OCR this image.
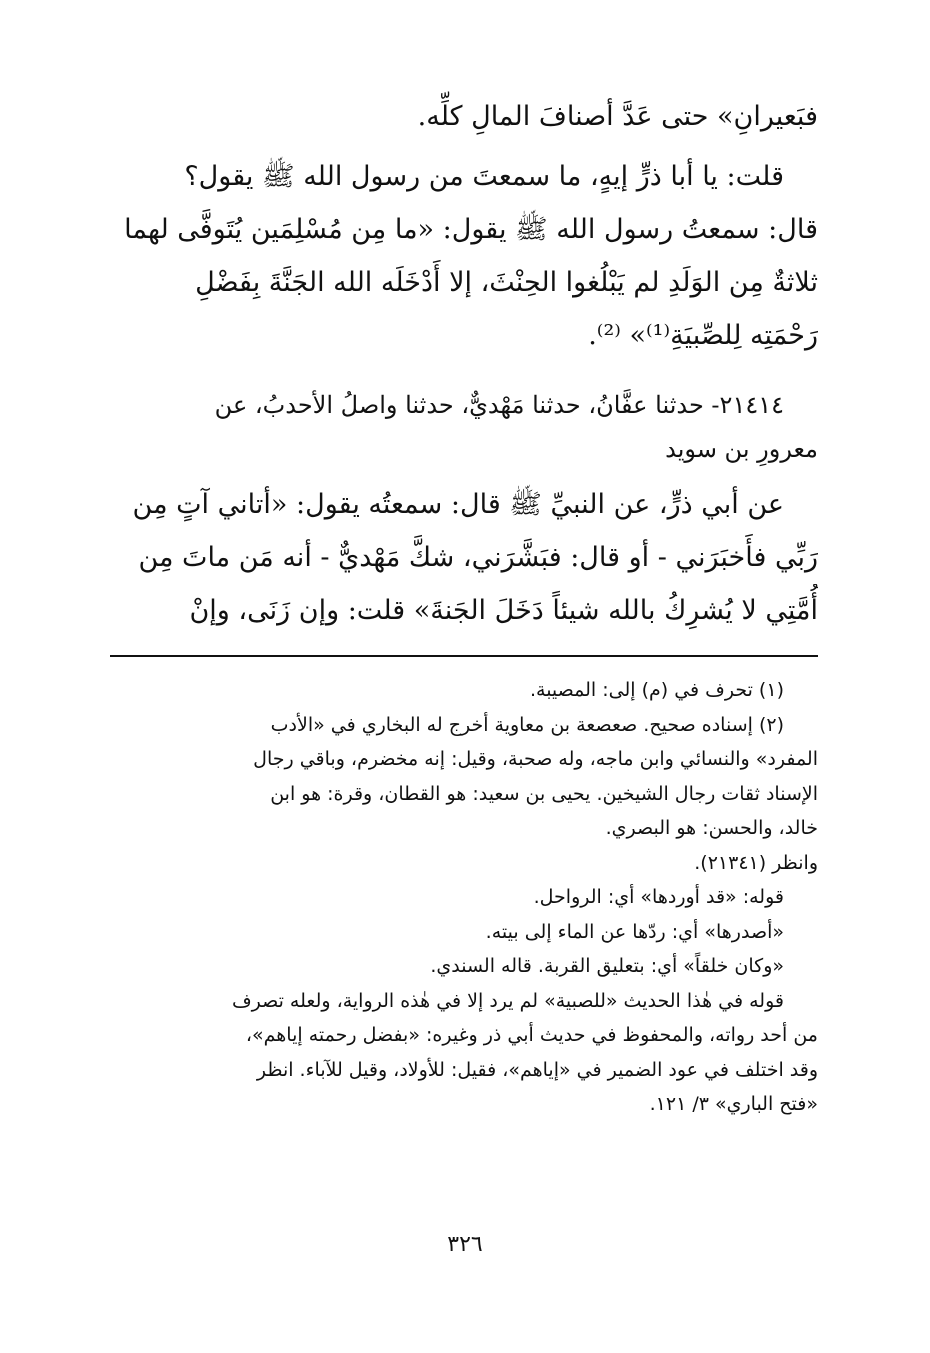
فبَعيرانِ» حتى عَدَّ أصنافَ المالِ كلِّه.
قلت: يا أبا ذرٍّ إيهٍ، ما سمعتَ من رسول الله ﷺ يقول؟
قال: سمعتُ رسول الله ﷺ يقول: «ما مِن مُسْلِمَين يُتَوفَّى لهما
ثلاثةٌ مِن الوَلَدِ لم يَبْلُغوا الحِنْثَ، إلا أَدْخَلَه الله الجَنَّةَ بِفَضْلِ
رَحْمَتِه لِلصِّبيَةِ⁽¹⁾» ⁽²⁾.
٢١٤١٤- حدثنا عفَّانُ، حدثنا مَهْديٌّ، حدثنا واصلُ الأحدبُ، عن
معرورِ بن سويد
عن أبي ذرٍّ، عن النبيِّ ﷺ قال: سمعتُه يقول: «أتاني آتٍ مِن
رَبِّي فأَخبَرَني - أو قال: فبَشَّرَني، شكَّ مَهْديٌّ - أنه مَن ماتَ مِن
أُمَّتِي لا يُشرِكُ بالله شيئاً دَخَلَ الجَنةَ» قلت: وإن زَنَى، وإنْ
(١) تحرف في (م) إلى: المصيبة.
(٢) إسناده صحيح. صعصعة بن معاوية أخرج له البخاري في «الأدب
المفرد» والنسائي وابن ماجه، وله صحبة، وقيل: إنه مخضرم، وباقي رجال
الإسناد ثقات رجال الشيخين. يحيى بن سعيد: هو القطان، وقرة: هو ابن
خالد، والحسن: هو البصري.
وانظر (٢١٣٤١).
قوله: «قد أوردها» أي: الرواحل.
«أصدرها» أي: ردّها عن الماء إلى بيته.
«وكان خلقاً» أي: بتعليق القربة. قاله السندي.
قوله في هٰذا الحديث «للصبية» لم يرد إلا في هٰذه الرواية، ولعله تصرف
من أحد رواته، والمحفوظ في حديث أبي ذر وغيره: «بفضل رحمته إياهم»،
وقد اختلف في عود الضمير في «إياهم»، فقيل: للأولاد، وقيل للآباء. انظر
«فتح الباري» ٣/ ١٢١.
٣٢٦
